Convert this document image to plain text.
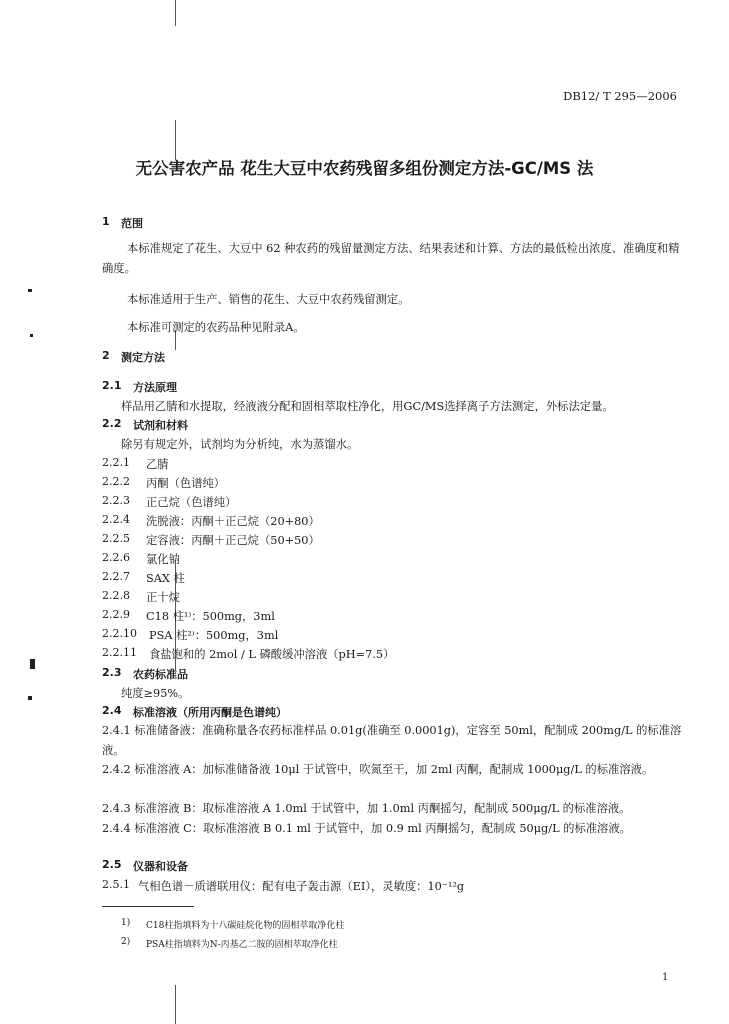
DB12/ T 295—2006
无公害农产品 花生大豆中农药残留多组份测定方法-GC/MS 法
1 范围
本标准规定了花生、大豆中 62 种农药的残留量测定方法、结果表述和计算、方法的最低检出浓度、准确度和精确度。
本标准适用于生产、销售的花生、大豆中农药残留测定。
本标准可测定的农药品种见附录A。
2 测定方法
2.1 方法原理
样品用乙腈和水提取，经液液分配和固相萃取柱净化，用GC/MS选择离子方法测定，外标法定量。
2.2 试剂和材料
除另有规定外，试剂均为分析纯，水为蒸馏水。
2.2.1 乙腈
2.2.2 丙酮（色谱纯）
2.2.3 正己烷（色谱纯）
2.2.4 洗脱液：丙酮＋正己烷（20+80）
2.2.5 定容液：丙酮＋正己烷（50+50）
2.2.6 氯化钠
2.2.7 SAX 柱
2.2.8 正十烷
2.2.9 C18 柱¹⁾：500mg，3ml
2.2.10 PSA 柱²⁾：500mg，3ml
2.2.11 食盐饱和的 2mol / L 磷酸缓冲溶液（pH=7.5）
2.3 农药标准品
纯度≥95%。
2.4 标准溶液（所用丙酮是色谱纯）
2.4.1 标准储备液：准确称量各农药标准样品 0.01g(准确至 0.0001g)，定容至 50ml，配制成 200mg/L 的标准溶液。
2.4.2 标准溶液 A：加标准储备液 10μl 于试管中，吹氮至干，加 2ml 丙酮，配制成 1000μg/L 的标准溶液。
2.4.3 标准溶液 B：取标准溶液 A 1.0ml 于试管中，加 1.0ml 丙酮摇匀，配制成 500μg/L 的标准溶液。
2.4.4 标准溶液 C：取标准溶液 B 0.1 ml 于试管中，加 0.9 ml 丙酮摇匀，配制成 50μg/L 的标准溶液。
2.5 仪器和设备
2.5.1 气相色谱－质谱联用仪：配有电子轰击源（EI），灵敏度：10⁻¹²g
1) C18柱指填料为十八碳硅烷化物的固相萃取净化柱
2) PSA柱指填料为N-丙基乙二胺的固相萃取净化柱
1
